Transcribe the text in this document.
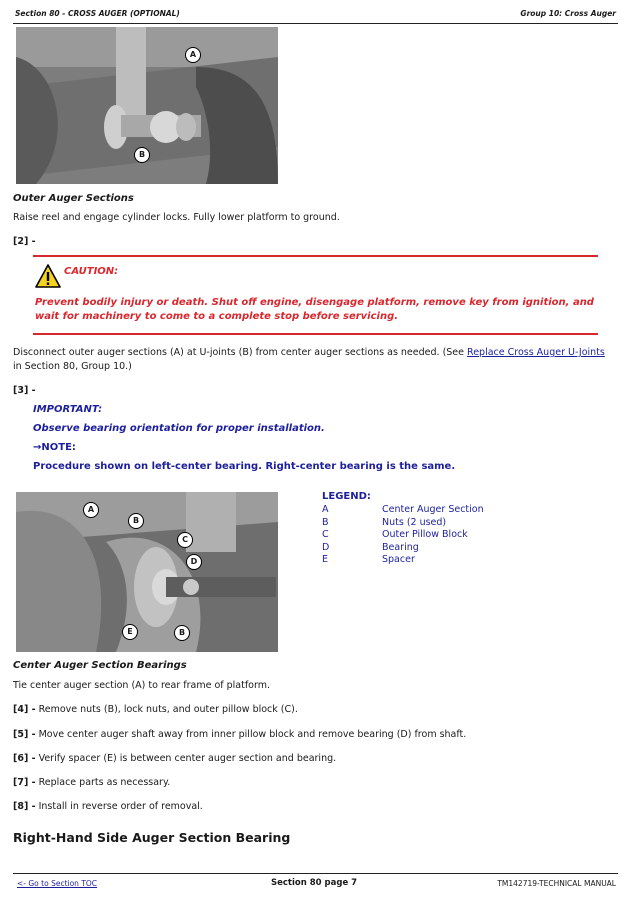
Section 80 - CROSS AUGER (OPTIONAL)	Group 10: Cross Auger
A
B
Outer Auger Sections
Raise reel and engage cylinder locks. Fully lower platform to ground.
[2] -
CAUTION:
Prevent bodily injury or death. Shut off engine, disengage platform, remove key from ignition, and wait for machinery to come to a complete stop before servicing.
Disconnect outer auger sections (A) at U-joints (B) from center auger sections as needed. (See Replace Cross Auger U-Joints in Section 80, Group 10.)
[3] -
IMPORTANT:
Observe bearing orientation for proper installation.
→NOTE:
Procedure shown on left-center bearing. Right-center bearing is the same.
A
B
C
D
B
E
LEGEND:
A	Center Auger Section
B	Nuts (2 used)
C	Outer Pillow Block
D	Bearing
E	Spacer
Center Auger Section Bearings
Tie center auger section (A) to rear frame of platform.
[4] - Remove nuts (B), lock nuts, and outer pillow block (C).
[5] - Move center auger shaft away from inner pillow block and remove bearing (D) from shaft.
[6] - Verify spacer (E) is between center auger section and bearing.
[7] - Replace parts as necessary.
[8] - Install in reverse order of removal.
Right-Hand Side Auger Section Bearing
<- Go to Section TOC	Section 80 page 7	TM142719-TECHNICAL MANUAL
